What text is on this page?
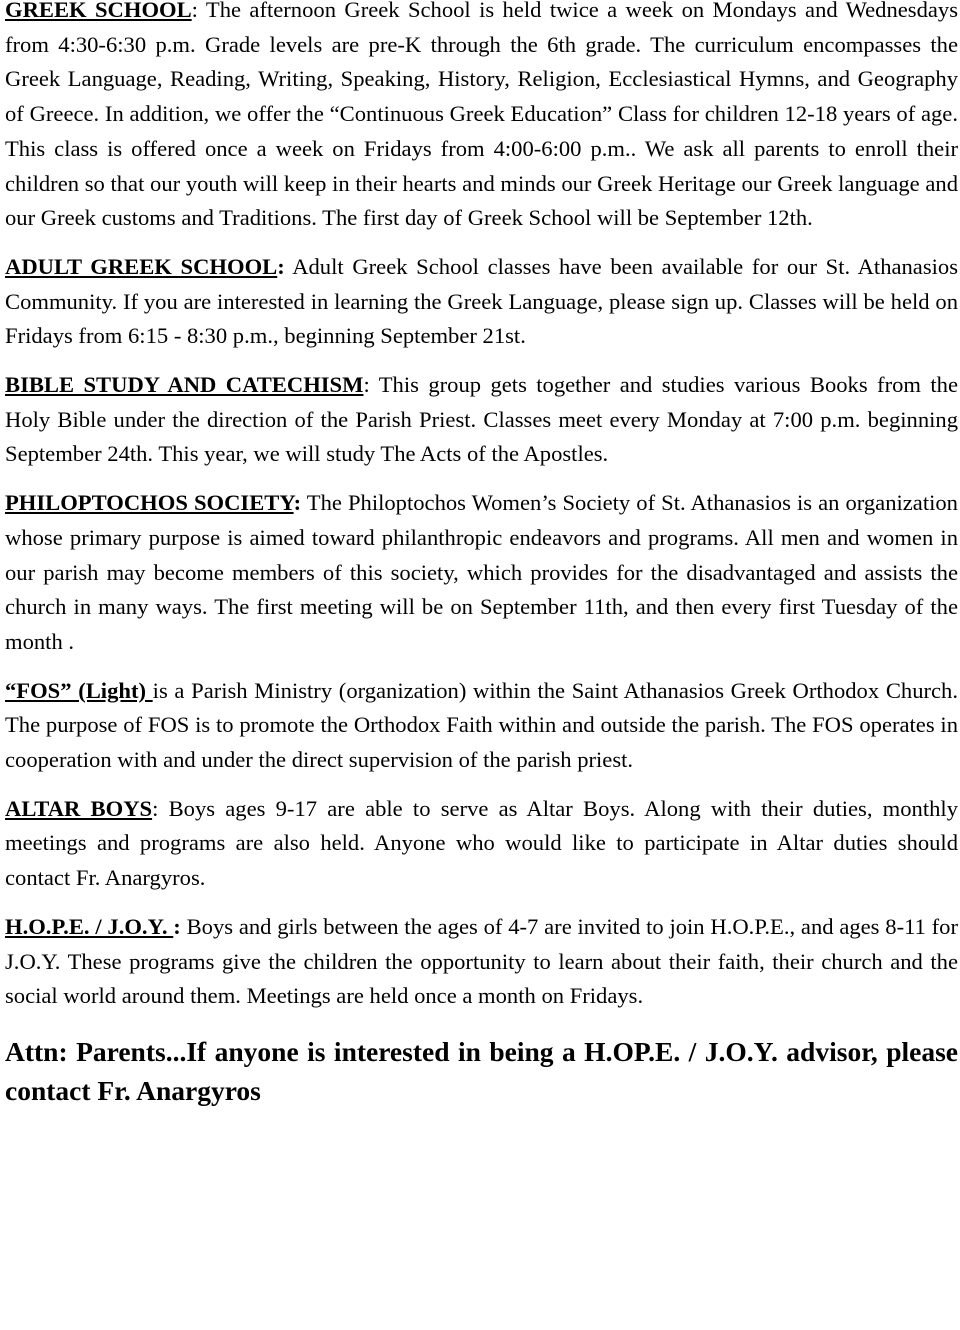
GREEK SCHOOL: The afternoon Greek School is held twice a week on Mondays and Wednesdays from 4:30-6:30 p.m. Grade levels are pre-K through the 6th grade. The curriculum encompasses the Greek Language, Reading, Writing, Speaking, History, Religion, Ecclesiastical Hymns, and Geography of Greece. In addition, we offer the “Continuous Greek Education” Class for children 12-18 years of age. This class is offered once a week on Fridays from 4:00-6:00 p.m.. We ask all parents to enroll their children so that our youth will keep in their hearts and minds our Greek Heritage our Greek language and our Greek customs and Traditions. The first day of Greek School will be September 12th.

ADULT GREEK SCHOOL: Adult Greek School classes have been available for our St. Athanasios Community. If you are interested in learning the Greek Language, please sign up. Classes will be held on Fridays from 6:15 - 8:30 p.m., beginning September 21st.

BIBLE STUDY AND CATECHISM: This group gets together and studies various Books from the Holy Bible under the direction of the Parish Priest. Classes meet every Monday at 7:00 p.m. beginning September 24th. This year, we will study The Acts of the Apostles.

PHILOPTOCHOS SOCIETY: The Philoptochos Women’s Society of St. Athanasios is an organization whose primary purpose is aimed toward philanthropic endeavors and programs. All men and women in our parish may become members of this society, which provides for the disadvantaged and assists the church in many ways. The first meeting will be on September 11th, and then every first Tuesday of the month .

“FOS” (Light) is a Parish Ministry (organization) within the Saint Athanasios Greek Orthodox Church. The purpose of FOS is to promote the Orthodox Faith within and outside the parish. The FOS operates in cooperation with and under the direct supervision of the parish priest.

ALTAR BOYS: Boys ages 9-17 are able to serve as Altar Boys. Along with their duties, monthly meetings and programs are also held. Anyone who would like to participate in Altar duties should contact Fr. Anargyros.

H.O.P.E. / J.O.Y. : Boys and girls between the ages of 4-7 are invited to join H.O.P.E., and ages 8-11 for J.O.Y. These programs give the children the opportunity to learn about their faith, their church and the social world around them. Meetings are held once a month on Fridays.

Attn: Parents...If anyone is interested in being a H.OP.E. / J.O.Y. advisor, please contact Fr. Anargyros
